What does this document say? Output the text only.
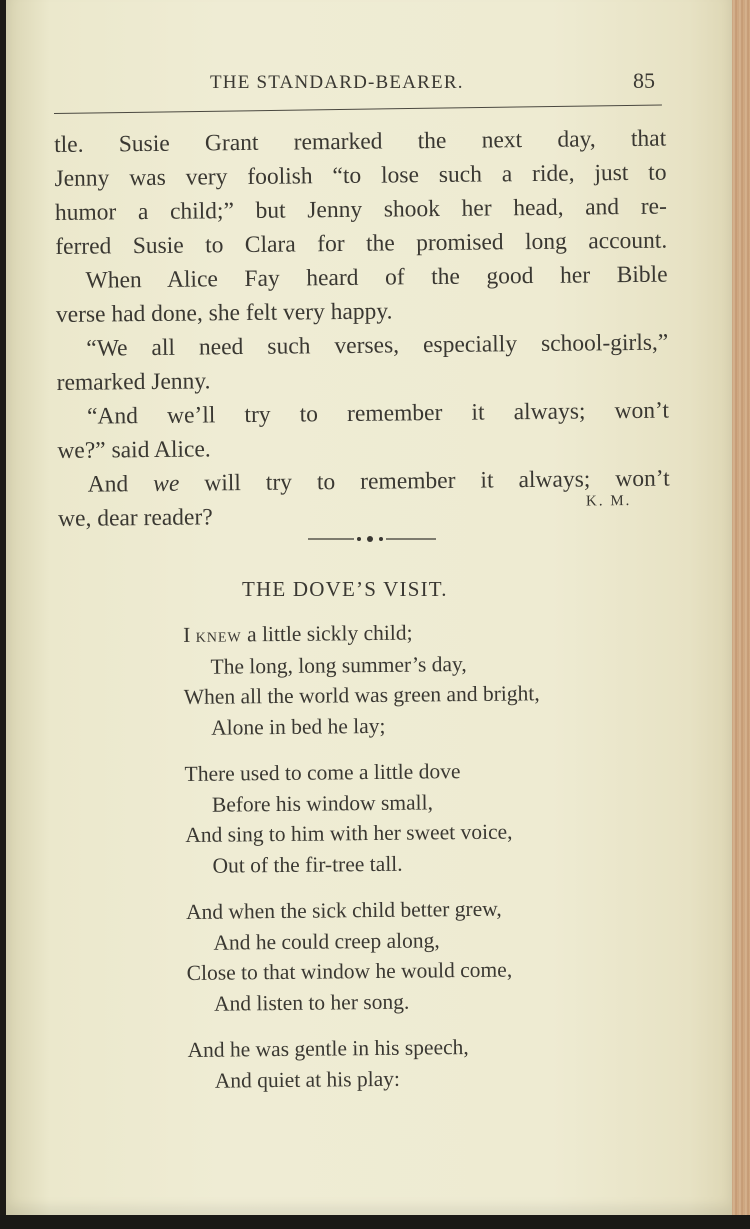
THE STANDARD-BEARER.	85
tle. Susie Grant remarked the next day, that
Jenny was very foolish “to lose such a ride, just to
humor a child;” but Jenny shook her head, and re-
ferred Susie to Clara for the promised long account.
When Alice Fay heard of the good her Bible
verse had done, she felt very happy.
“We all need such verses, especially school-girls,”
remarked Jenny.
“And we’ll try to remember it always; won’t
we?” said Alice.
And we will try to remember it always; won’t
we, dear reader?
K. M.
THE DOVE’S VISIT.
I knew a little sickly child;
The long, long summer’s day,
When all the world was green and bright,
Alone in bed he lay;
There used to come a little dove
Before his window small,
And sing to him with her sweet voice,
Out of the fir-tree tall.
And when the sick child better grew,
And he could creep along,
Close to that window he would come,
And listen to her song.
And he was gentle in his speech,
And quiet at his play:
